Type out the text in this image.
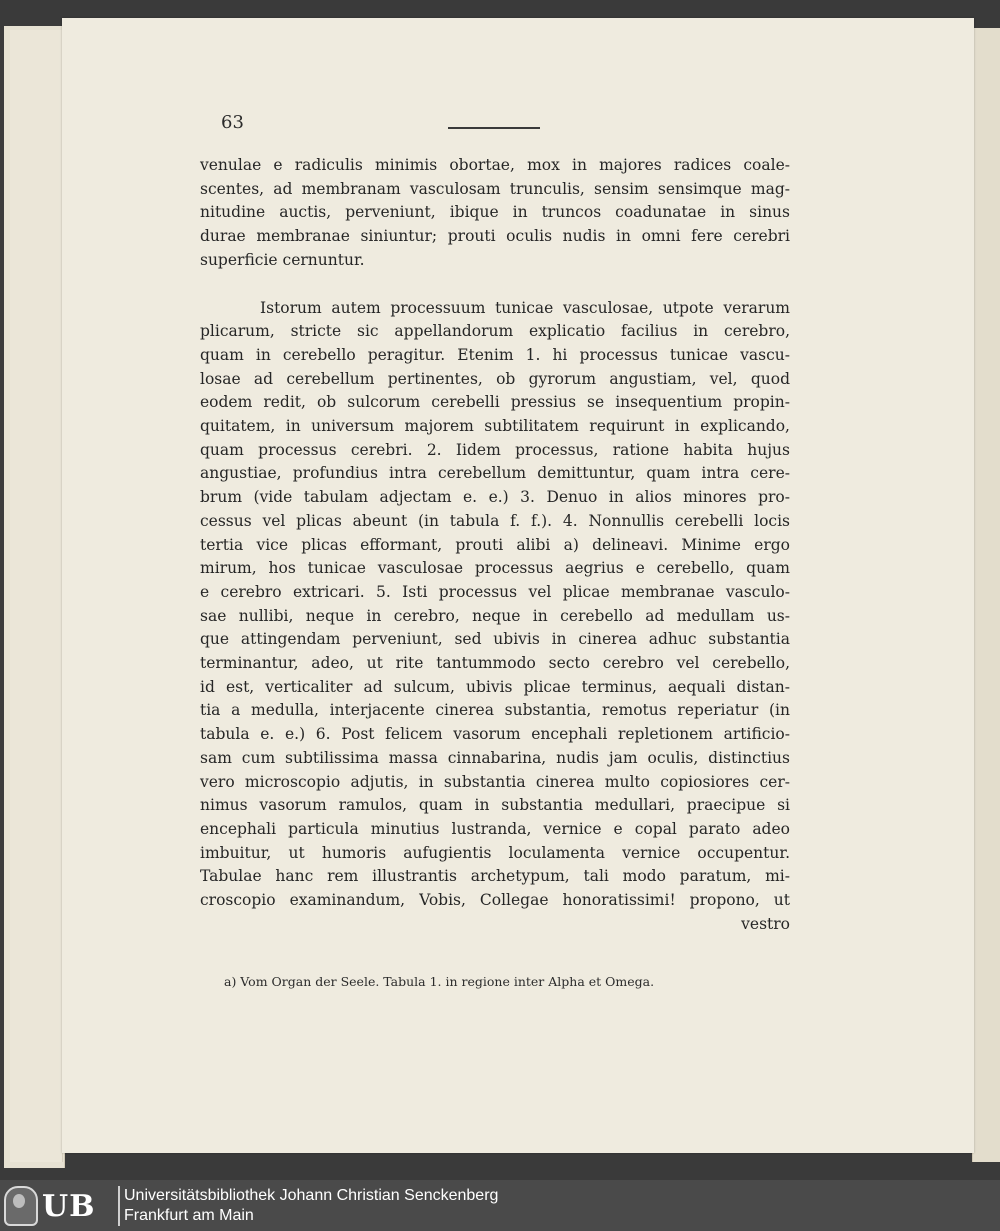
63
venulae e radiculis minimis obortae, mox in majores radices coale-
scentes, ad membranam vasculosam trunculis, sensim sensimque mag-
nitudine auctis, perveniunt, ibique in truncos coadunatae in sinus
durae membranae siniuntur; prouti oculis nudis in omni fere cerebri
superficie cernuntur.
Istorum autem processuum tunicae vasculosae, utpote verarum
plicarum, stricte sic appellandorum explicatio facilius in cerebro,
quam in cerebello peragitur. Etenim 1. hi processus tunicae vascu-
losae ad cerebellum pertinentes, ob gyrorum angustiam, vel, quod
eodem redit, ob sulcorum cerebelli pressius se insequentium propin-
quitatem, in universum majorem subtilitatem requirunt in explicando,
quam processus cerebri. 2. Iidem processus, ratione habita hujus
angustiae, profundius intra cerebellum demittuntur, quam intra cere-
brum (vide tabulam adjectam e. e.) 3. Denuo in alios minores pro-
cessus vel plicas abeunt (in tabula f. f.). 4. Nonnullis cerebelli locis
tertia vice plicas efformant, prouti alibi a) delineavi. Minime ergo
mirum, hos tunicae vasculosae processus aegrius e cerebello, quam
e cerebro extricari. 5. Isti processus vel plicae membranae vasculo-
sae nullibi, neque in cerebro, neque in cerebello ad medullam us-
que attingendam perveniunt, sed ubivis in cinerea adhuc substantia
terminantur, adeo, ut rite tantummodo secto cerebro vel cerebello,
id est, verticaliter ad sulcum, ubivis plicae terminus, aequali distan-
tia a medulla, interjacente cinerea substantia, remotus reperiatur (in
tabula e. e.) 6. Post felicem vasorum encephali repletionem artificio-
sam cum subtilissima massa cinnabarina, nudis jam oculis, distinctius
vero microscopio adjutis, in substantia cinerea multo copiosiores cer-
nimus vasorum ramulos, quam in substantia medullari, praecipue si
encephali particula minutius lustranda, vernice e copal parato adeo
imbuitur, ut humoris aufugientis loculamenta vernice occupentur.
Tabulae hanc rem illustrantis archetypum, tali modo paratum, mi-
croscopio examinandum, Vobis, Collegae honoratissimi! propono, ut
vestro
a) Vom Organ der Seele. Tabula 1. in regione inter Alpha et Omega.
UB Universitätsbibliothek Johann Christian Senckenberg
Frankfurt am Main
